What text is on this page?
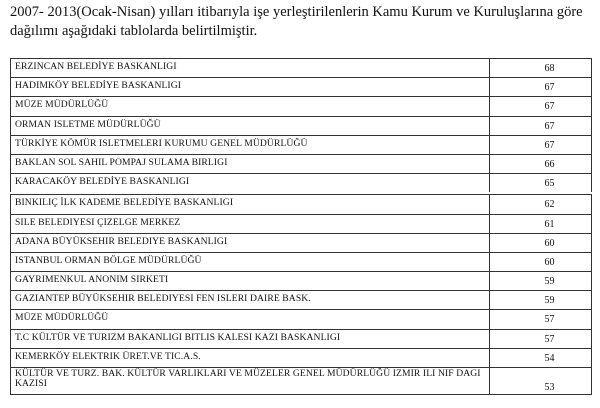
2007- 2013(Ocak-Nisan) yılları itibarıyla işe yerleştirilenlerin Kamu Kurum ve Kuruluşlarına göre dağılımı aşağıdaki tablolarda belirtilmiştir.

ERZINCAN BELEDİYE BASKANLIGI	68
HADIMKÖY BELEDİYE BASKANLIGI	67
MÜZE MÜDÜRLÜĞÜ	67
ORMAN ISLETME MÜDÜRLÜĞÜ	67
TÜRKİYE KÖMÜR ISLETMELERI KURUMU GENEL MÜDÜRLÜĞÜ	67
BAKLAN SOL SAHIL POMPAJ SULAMA BIRLIGI	66
KARACAKÖY BELEDİYE BASKANLIGI	65
BINKILIÇ İLK KADEME BELEDİYE BASKANLIGI	62
SILE BELEDIYESI ÇIZELGE MERKEZ	61
ADANA BÜYÜKSEHIR BELEDIYE BASKANLIGI	60
ISTANBUL ORMAN BÖLGE MÜDÜRLÜĞÜ	60
GAYRIMENKUL ANONIM SIRKETI	59
GAZIANTEP BÜYÜKSEHIR BELEDIYESI FEN ISLERI DAIRE BASK.	59
MÜZE MÜDÜRLÜĞÜ	57
T.C KÜLTÜR VE TURIZM BAKANLIGI BITLIS KALESI KAZI BASKANLIGI	57
KEMERKÖY ELEKTRIK ÜRET.VE TIC.A.S.	54
KÜLTÜR VE TURZ. BAK. KÜLTÜR VARLIKLARI VE MÜZELER GENEL MÜDÜRLÜĞÜ IZMIR ILI NIF DAGI KAZISI	53
